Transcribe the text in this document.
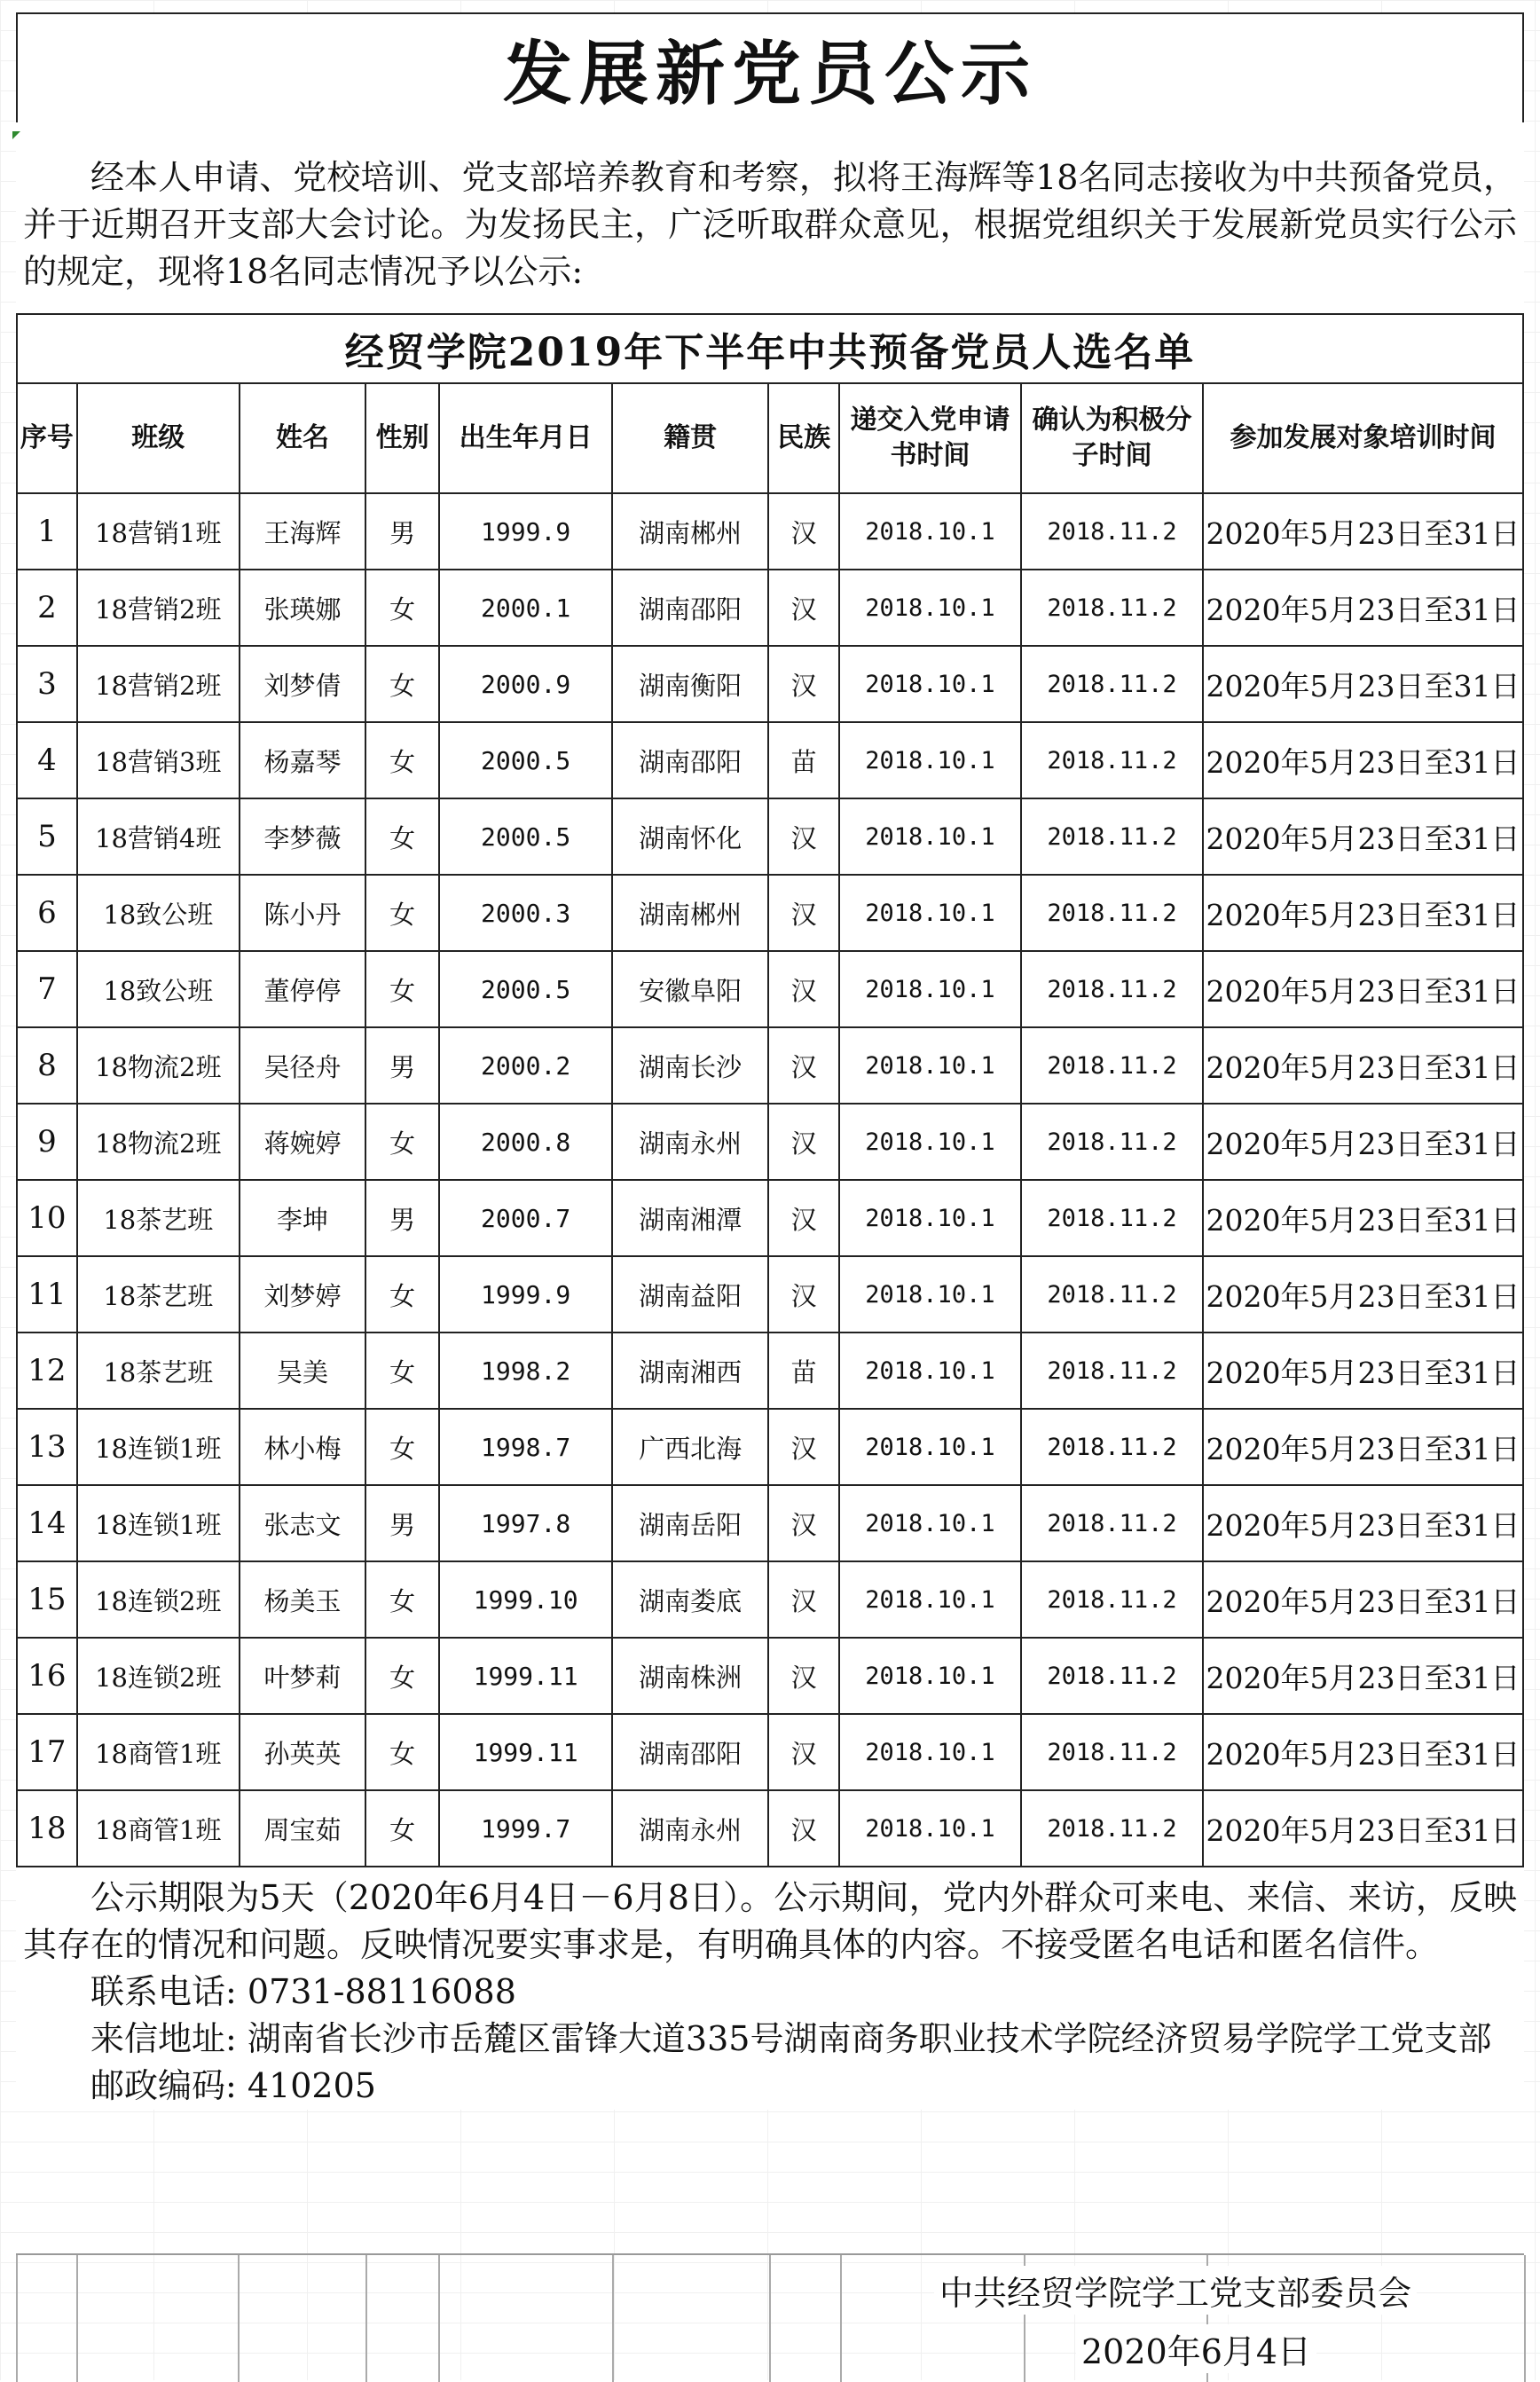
发展新党员公示
经本人申请、党校培训、党支部培养教育和考察，拟将王海辉等18名同志接收为中共预备党员，并于近期召开支部大会讨论。为发扬民主，广泛听取群众意见，根据党组织关于发展新党员实行公示的规定，现将18名同志情况予以公示:
经贸学院2019年下半年中共预备党员人选名单									
序号	班级	姓名	性别	出生年月日	籍贯	民族	递交入党申请书时间	确认为积极分子时间	参加发展对象培训时间
1	18营销1班	王海辉	男	1999.9	湖南郴州	汉	2018.10.1	2018.11.2	2020年5月23日至31日
2	18营销2班	张瑛娜	女	2000.1	湖南邵阳	汉	2018.10.1	2018.11.2	2020年5月23日至31日
3	18营销2班	刘梦倩	女	2000.9	湖南衡阳	汉	2018.10.1	2018.11.2	2020年5月23日至31日
4	18营销3班	杨嘉琴	女	2000.5	湖南邵阳	苗	2018.10.1	2018.11.2	2020年5月23日至31日
5	18营销4班	李梦薇	女	2000.5	湖南怀化	汉	2018.10.1	2018.11.2	2020年5月23日至31日
6	18致公班	陈小丹	女	2000.3	湖南郴州	汉	2018.10.1	2018.11.2	2020年5月23日至31日
7	18致公班	董停停	女	2000.5	安徽阜阳	汉	2018.10.1	2018.11.2	2020年5月23日至31日
8	18物流2班	吴径舟	男	2000.2	湖南长沙	汉	2018.10.1	2018.11.2	2020年5月23日至31日
9	18物流2班	蒋婉婷	女	2000.8	湖南永州	汉	2018.10.1	2018.11.2	2020年5月23日至31日
10	18茶艺班	李坤	男	2000.7	湖南湘潭	汉	2018.10.1	2018.11.2	2020年5月23日至31日
11	18茶艺班	刘梦婷	女	1999.9	湖南益阳	汉	2018.10.1	2018.11.2	2020年5月23日至31日
12	18茶艺班	吴美	女	1998.2	湖南湘西	苗	2018.10.1	2018.11.2	2020年5月23日至31日
13	18连锁1班	林小梅	女	1998.7	广西北海	汉	2018.10.1	2018.11.2	2020年5月23日至31日
14	18连锁1班	张志文	男	1997.8	湖南岳阳	汉	2018.10.1	2018.11.2	2020年5月23日至31日
15	18连锁2班	杨美玉	女	1999.10	湖南娄底	汉	2018.10.1	2018.11.2	2020年5月23日至31日
16	18连锁2班	叶梦莉	女	1999.11	湖南株洲	汉	2018.10.1	2018.11.2	2020年5月23日至31日
17	18商管1班	孙英英	女	1999.11	湖南邵阳	汉	2018.10.1	2018.11.2	2020年5月23日至31日
18	18商管1班	周宝茹	女	1999.7	湖南永州	汉	2018.10.1	2018.11.2	2020年5月23日至31日

公示期限为5天（2020年6月4日－6月8日）。公示期间，党内外群众可来电、来信、来访，反映其存在的情况和问题。反映情况要实事求是，有明确具体的内容。不接受匿名电话和匿名信件。

联系电话: 0731-88116088

来信地址: 湖南省长沙市岳麓区雷锋大道335号湖南商务职业技术学院经济贸易学院学工党支部

邮政编码: 410205

中共经贸学院学工党支部委员会
2020年6月4日
